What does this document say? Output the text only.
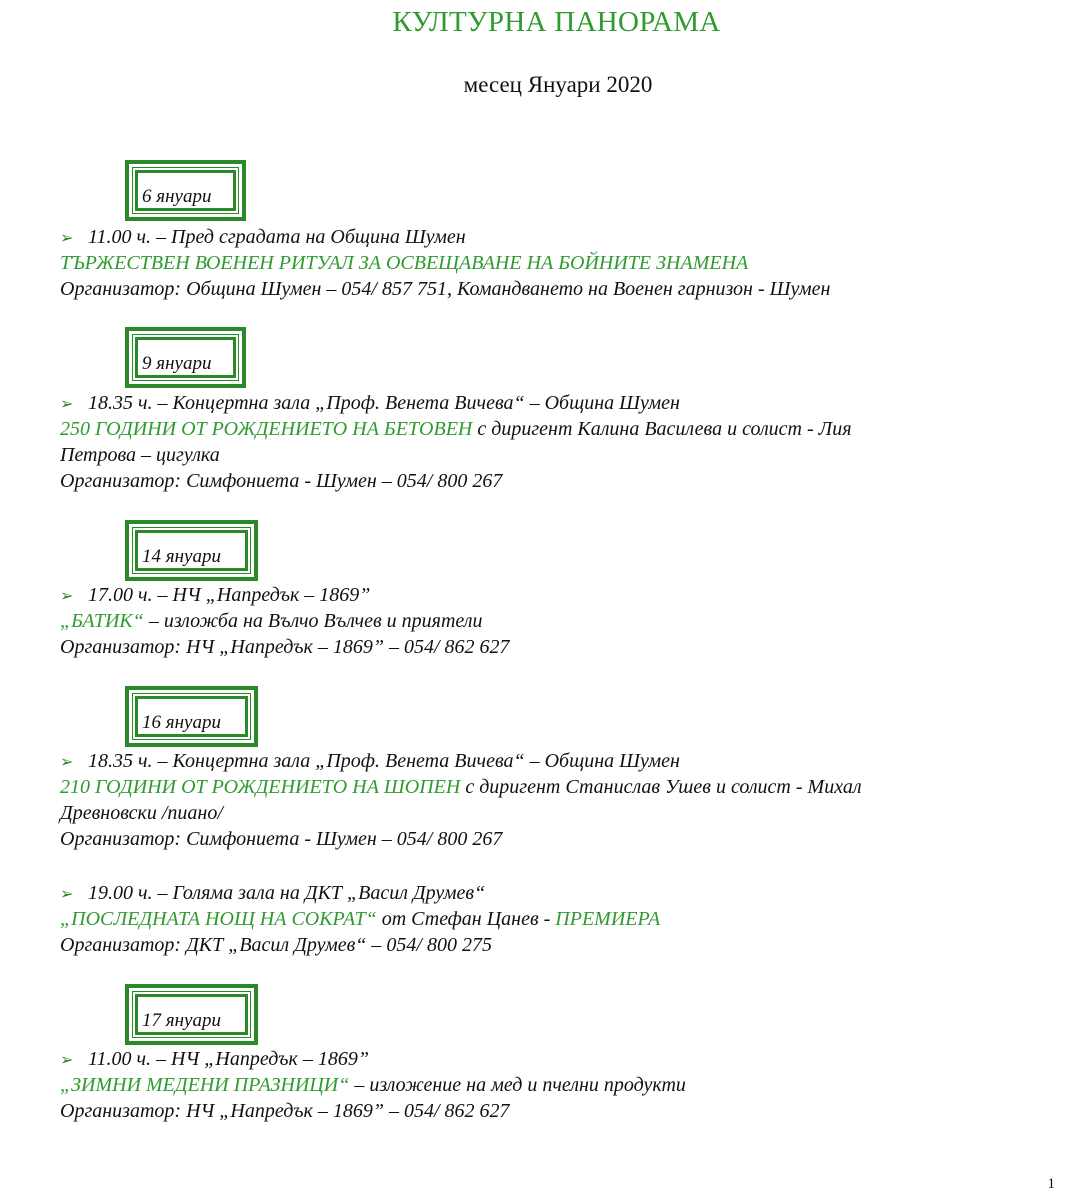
КУЛТУРНА ПАНОРАМА
месец Януари 2020
6 януари
➢ 11.00 ч. – Пред сградата на Община Шумен
ТЪРЖЕСТВЕН ВОЕНЕН РИТУАЛ ЗА ОСВЕЩАВАНЕ НА БОЙНИТЕ ЗНАМЕНА
Организатор: Община Шумен – 054/ 857 751, Командването на Военен гарнизон - Шумен
9 януари
➢ 18.35 ч. – Концертна зала „Проф. Венета Вичева“ – Община Шумен
250 ГОДИНИ ОТ РОЖДЕНИЕТО НА БЕТОВЕН с диригент Калина Василева и солист - Лия
Петрова – цигулка
Организатор: Симфониета - Шумен – 054/ 800 267
14 януари
➢ 17.00 ч. – НЧ „Напредък – 1869”
„БАТИК“ – изложба на Вълчо Вълчев и приятели
Организатор: НЧ „Напредък – 1869” – 054/ 862 627
16 януари
➢ 18.35 ч. – Концертна зала „Проф. Венета Вичева“ – Община Шумен
210 ГОДИНИ ОТ РОЖДЕНИЕТО НА ШОПЕН с диригент Станислав Ушев и солист - Михал
Древновски /пиано/
Организатор: Симфониета - Шумен – 054/ 800 267
➢ 19.00 ч. – Голяма зала на ДКТ „Васил Друмев“
„ПОСЛЕДНАТА НОЩ НА СОКРАТ“ от Стефан Цанев - ПРЕМИЕРА
Организатор: ДКТ „Васил Друмев“ – 054/ 800 275
17 януари
➢ 11.00 ч. – НЧ „Напредък – 1869”
„ЗИМНИ МЕДЕНИ ПРАЗНИЦИ“ – изложение на мед и пчелни продукти
Организатор: НЧ „Напредък – 1869” – 054/ 862 627
1
